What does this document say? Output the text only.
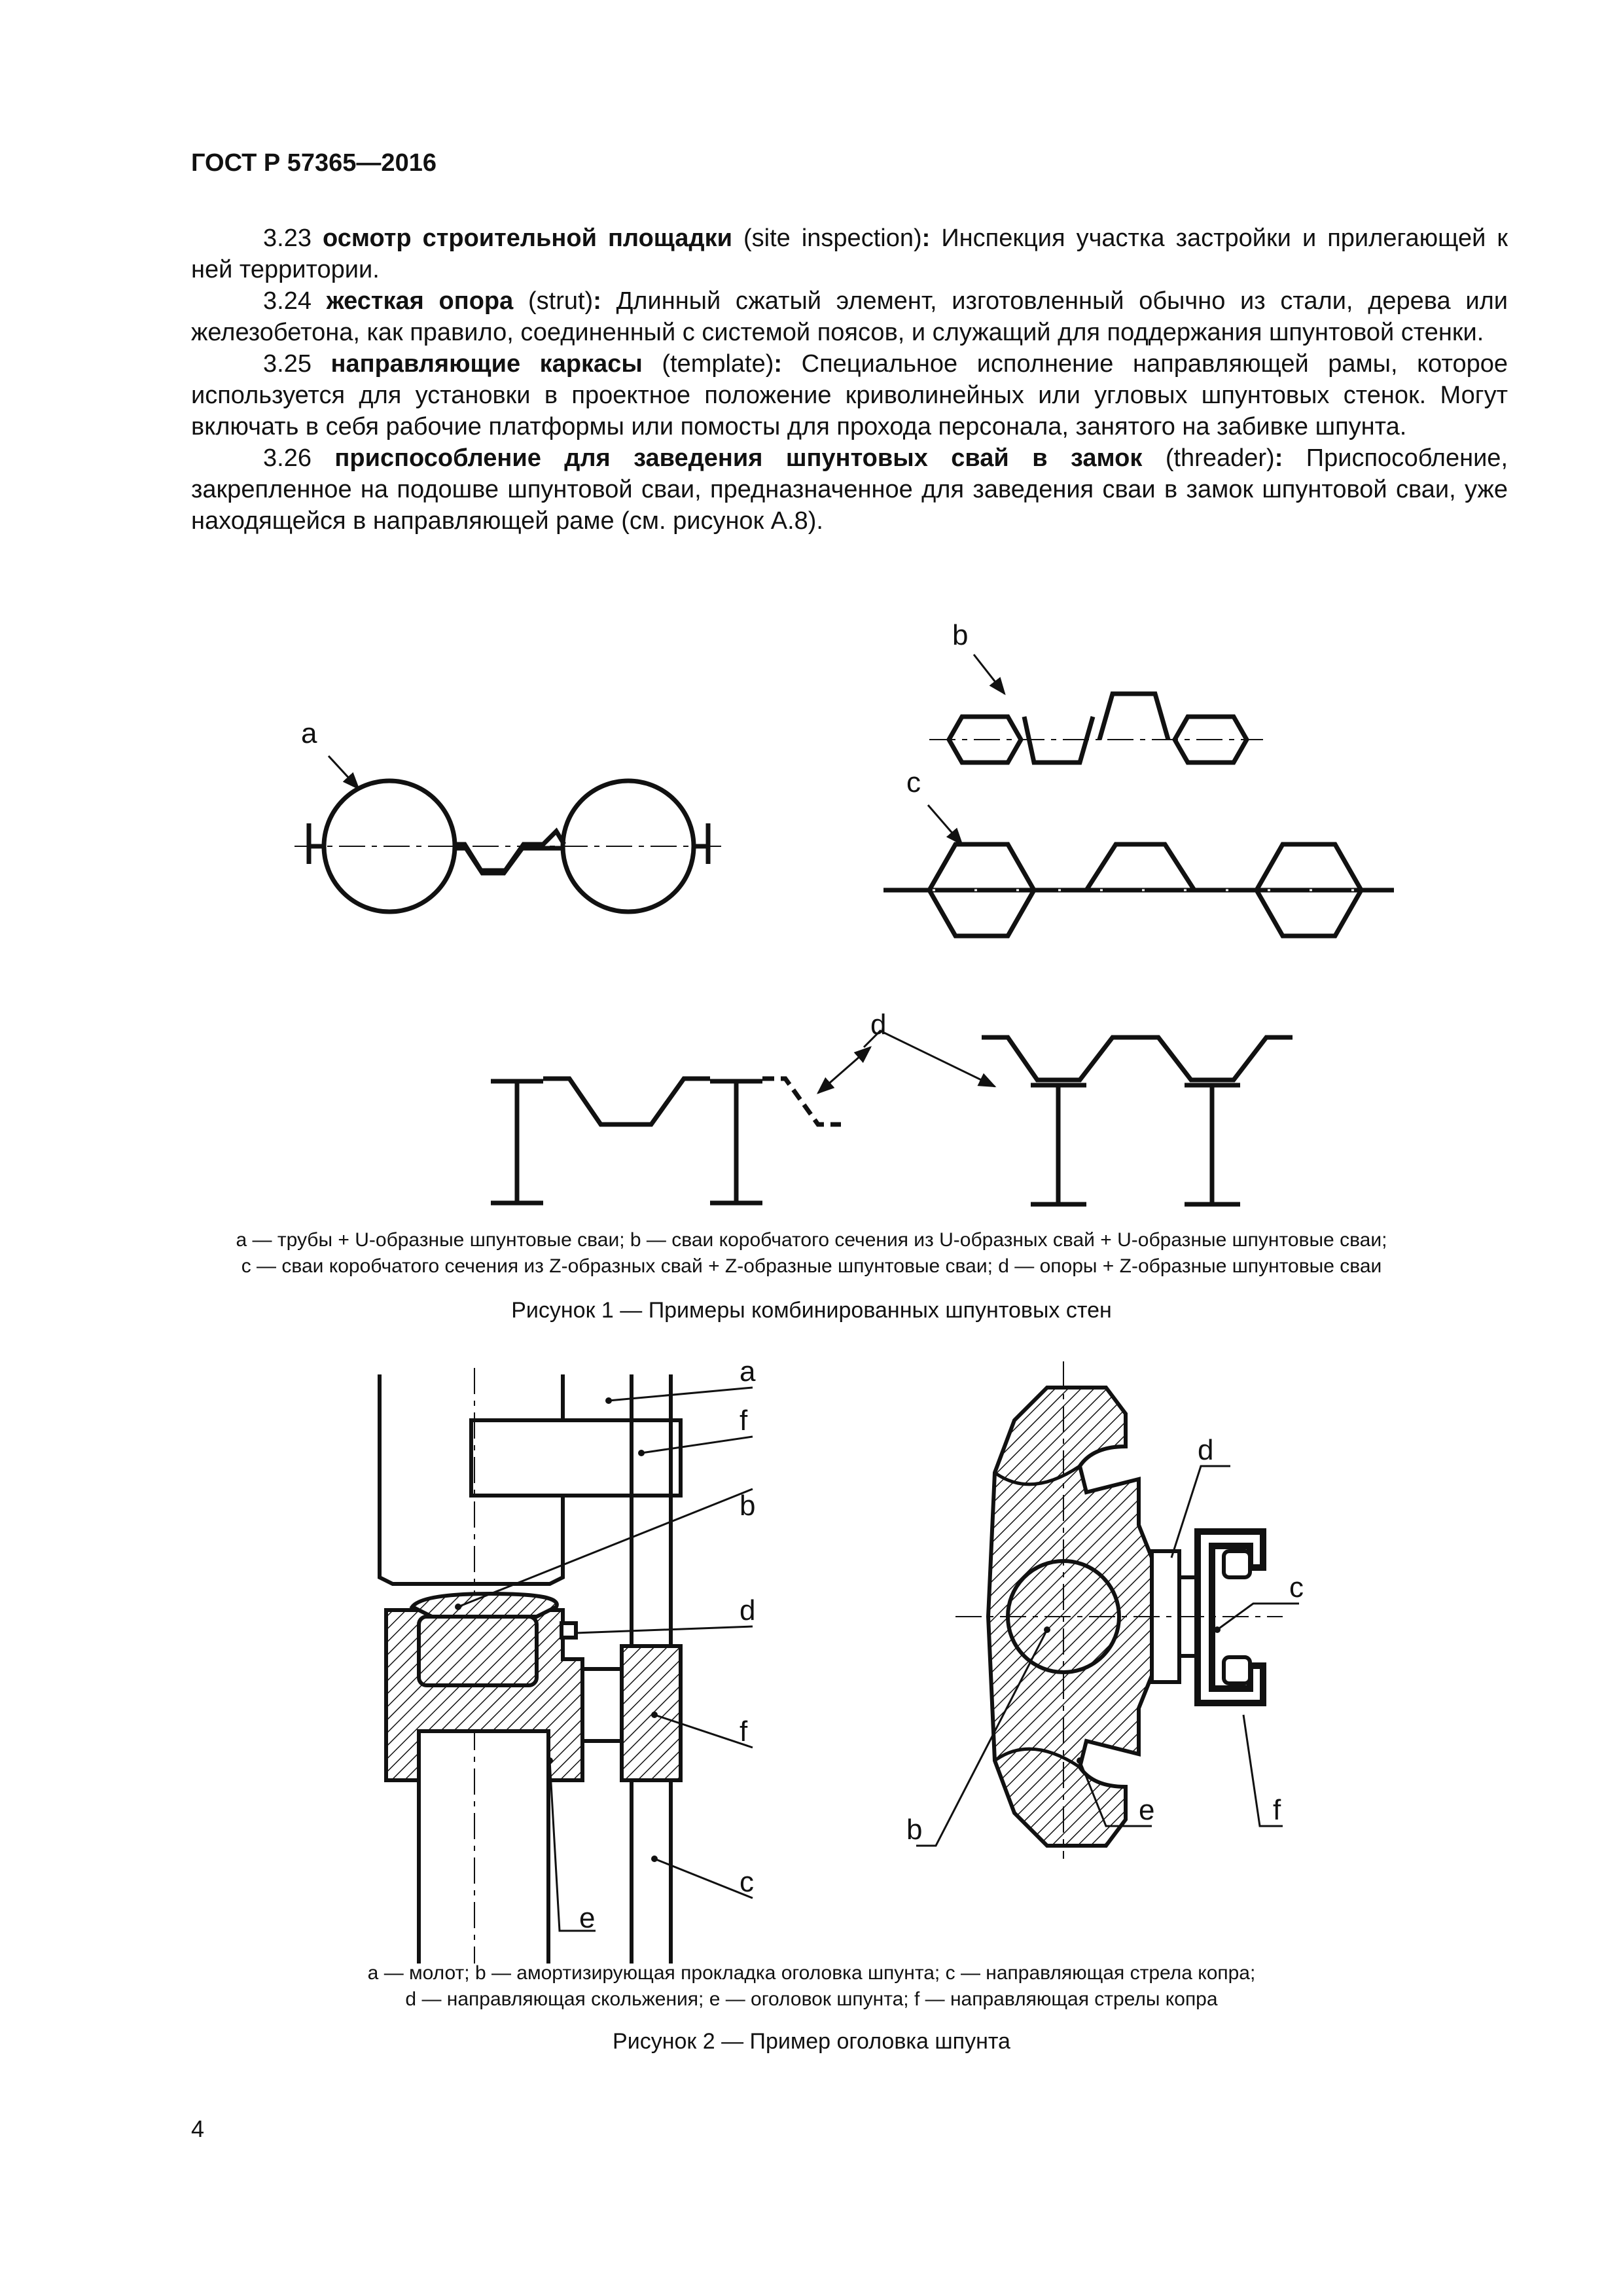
ГОСТ Р 57365—2016

3.23 осмотр строительной площадки (site inspection): Инспекция участка застройки и прилегающей к ней территории.

3.24 жесткая опора (strut): Длинный сжатый элемент, изготовленный обычно из стали, дерева или железобетона, как правило, соединенный с системой поясов, и служащий для поддержания шпунтовой стенки.

3.25 направляющие каркасы (template): Специальное исполнение направляющей рамы, которое используется для установки в проектное положение криволинейных или угловых шпунтовых стенок. Могут включать в себя рабочие платформы или помосты для прохода персонала, занятого на забивке шпунта.

3.26 приспособление для заведения шпунтовых свай в замок (threader): Приспособление, закрепленное на подошве шпунтовой сваи, предназначенное для заведения сваи в замок шпунтовой сваи, уже находящейся в направляющей раме (см. рисунок А.8).

a
b
c
d
a — трубы + U-образные шпунтовые сваи; b — сваи коробчатого сечения из U-образных свай + U-образные шпунтовые сваи;
c — сваи коробчатого сечения из Z-образных свай + Z-образные шпунтовые сваи; d — опоры + Z-образные шпунтовые сваи
Рисунок 1 — Примеры комбинированных шпунтовых стен
a
f
b
d
f
c
e
d
c
b
e	f
a — молот; b — амортизирующая прокладка оголовка шпунта; c — направляющая стрела копра;
d — направляющая скольжения; e — оголовок шпунта; f — направляющая стрелы копра
Рисунок 2 — Пример оголовка шпунта
4
